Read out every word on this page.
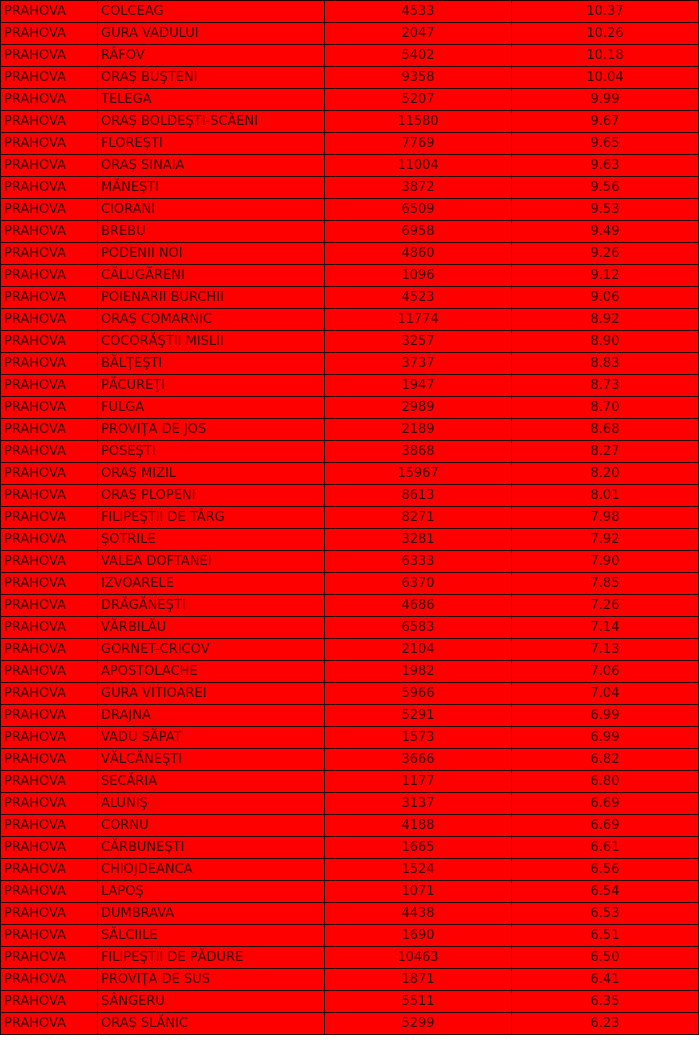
PRAHOVA	COLCEAG	4533	10.37
PRAHOVA	GURA VADULUI	2047	10.26
PRAHOVA	RÂFOV	5402	10.18
PRAHOVA	ORAŞ BUŞTENI	9358	10.04
PRAHOVA	TELEGA	5207	9.99
PRAHOVA	ORAŞ BOLDEŞTI-SCĂENI	11580	9.67
PRAHOVA	FLOREŞTI	7769	9.65
PRAHOVA	ORAŞ SINAIA	11004	9.63
PRAHOVA	MĂNEŞTI	3872	9.56
PRAHOVA	CIORANI	6509	9.53
PRAHOVA	BREBU	6958	9.49
PRAHOVA	PODENII NOI	4860	9.26
PRAHOVA	CĂLUGĂRENI	1096	9.12
PRAHOVA	POIENARII BURCHII	4523	9.06
PRAHOVA	ORAŞ COMARNIC	11774	8.92
PRAHOVA	COCORĂŞTII MISLII	3257	8.90
PRAHOVA	BĂLŢEŞTI	3737	8.83
PRAHOVA	PĂCUREŢI	1947	8.73
PRAHOVA	FULGA	2989	8.70
PRAHOVA	PROVIŢA DE JOS	2189	8.68
PRAHOVA	POSEŞTI	3868	8.27
PRAHOVA	ORAŞ MIZIL	15967	8.20
PRAHOVA	ORAŞ PLOPENI	8613	8.01
PRAHOVA	FILIPEŞTII DE TÂRG	8271	7.98
PRAHOVA	ŞOTRILE	3281	7.92
PRAHOVA	VALEA DOFTANEI	6333	7.90
PRAHOVA	IZVOARELE	6370	7.85
PRAHOVA	DRĂGĂNEŞTI	4686	7.26
PRAHOVA	VĂRBILĂU	6583	7.14
PRAHOVA	GORNET-CRICOV	2104	7.13
PRAHOVA	APOSTOLACHE	1982	7.06
PRAHOVA	GURA VITIOAREI	5966	7.04
PRAHOVA	DRAJNA	5291	6.99
PRAHOVA	VADU SĂPAT	1573	6.99
PRAHOVA	VĂLCĂNEŞTI	3666	6.82
PRAHOVA	SECĂRIA	1177	6.80
PRAHOVA	ALUNIŞ	3137	6.69
PRAHOVA	CORNU	4188	6.69
PRAHOVA	CĂRBUNEŞTI	1665	6.61
PRAHOVA	CHIOJDEANCA	1524	6.56
PRAHOVA	LAPOŞ	1071	6.54
PRAHOVA	DUMBRAVA	4438	6.53
PRAHOVA	SĂLCIILE	1690	6.51
PRAHOVA	FILIPEŞTII DE PĂDURE	10463	6.50
PRAHOVA	PROVIŢA DE SUS	1871	6.41
PRAHOVA	SÂNGERU	5511	6.35
PRAHOVA	ORAŞ SLĂNIC	5299	6.23
